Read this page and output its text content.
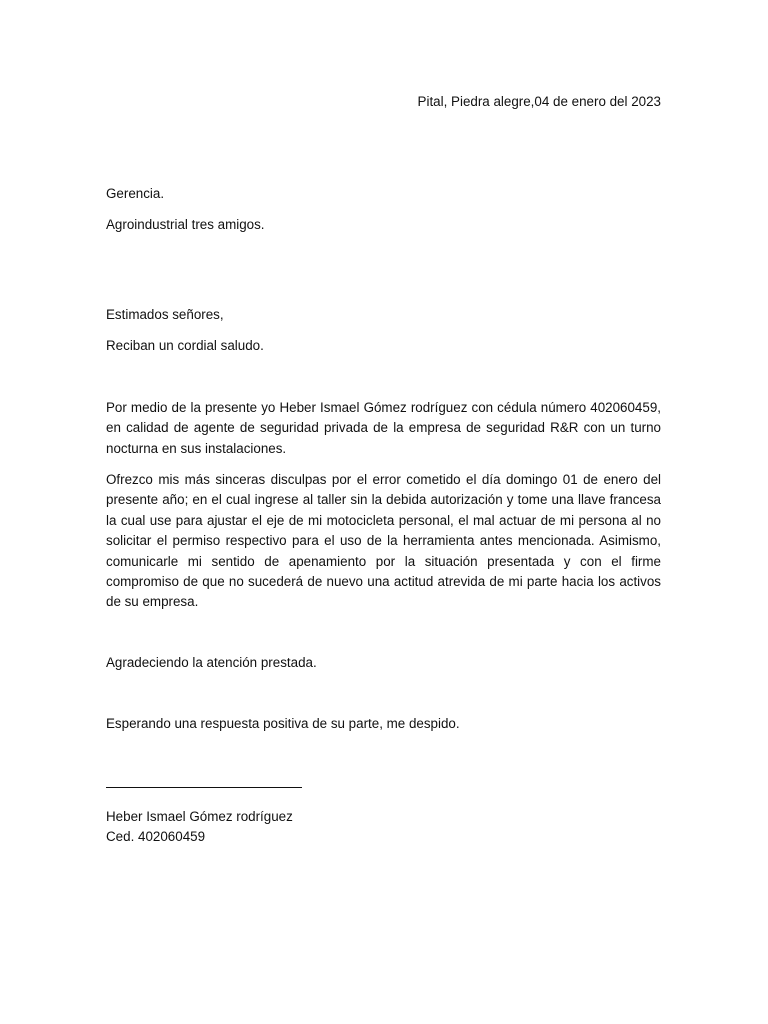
Pital, Piedra alegre,04 de enero del 2023

Gerencia.

Agroindustrial tres amigos.

Estimados señores,

Reciban un cordial saludo.

Por medio de la presente yo Heber Ismael Gómez rodríguez con cédula número 402060459, en calidad de agente de seguridad privada de la empresa de seguridad R&R con un turno nocturna en sus instalaciones.

Ofrezco mis más sinceras disculpas por el error cometido el día domingo 01 de enero del presente año; en el cual ingrese al taller sin la debida autorización y tome una llave francesa la cual use para ajustar el eje de mi motocicleta personal, el mal actuar de mi persona al no solicitar el permiso respectivo para el uso de la herramienta antes mencionada. Asimismo, comunicarle mi sentido de apenamiento por la situación presentada y con el firme compromiso de que no sucederá de nuevo una actitud atrevida de mi parte hacia los activos de su empresa.

Agradeciendo la atención prestada.

Esperando una respuesta positiva de su parte, me despido.

Heber Ismael Gómez rodríguez

Ced. 402060459
